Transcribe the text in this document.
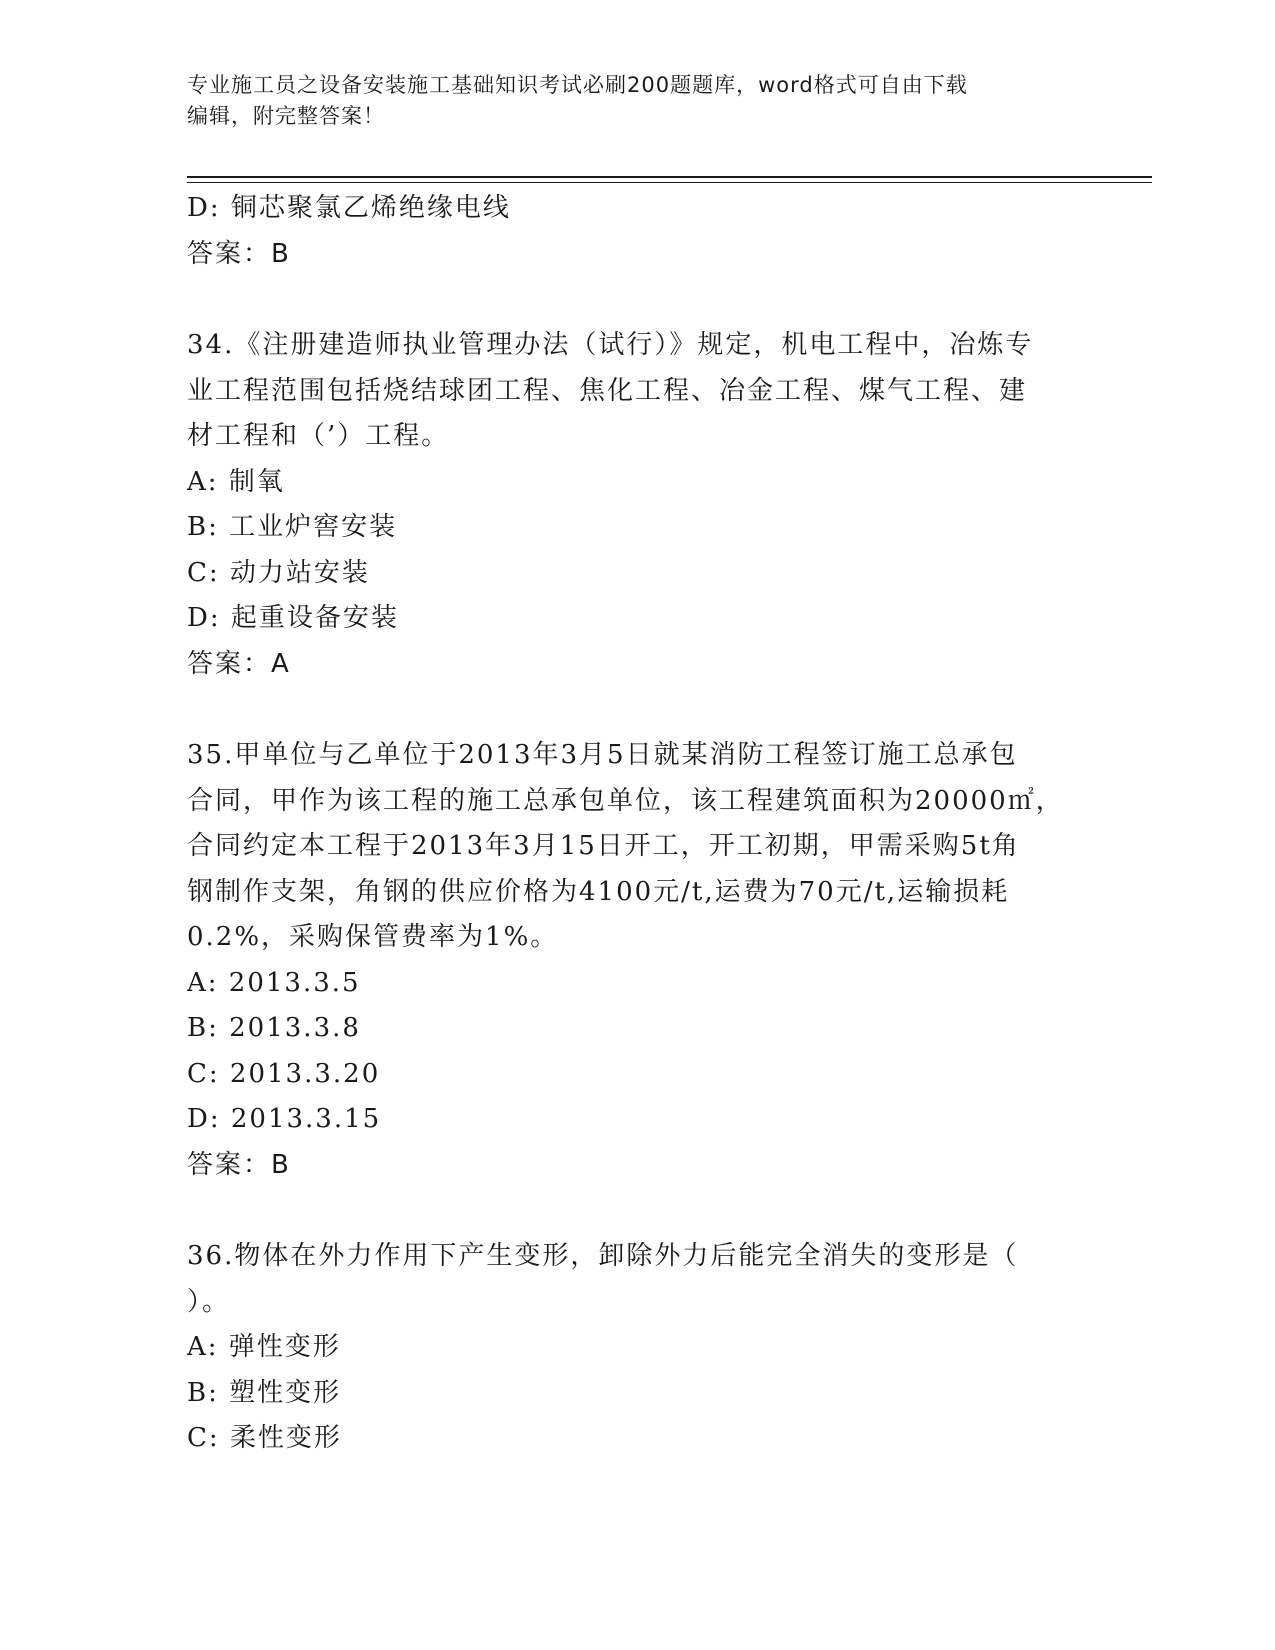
专业施工员之设备安装施工基础知识考试必刷200题题库，word格式可自由下载
编辑，附完整答案！
D: 铜芯聚氯乙烯绝缘电线
答案：B
34.《注册建造师执业管理办法（试行）》规定，机电工程中，冶炼专
业工程范围包括烧结球团工程、焦化工程、冶金工程、煤气工程、建
材工程和（’）工程。
A: 制氧
B: 工业炉窖安装
C: 动力站安装
D: 起重设备安装
答案：A
35.甲单位与乙单位于2013年3月5日就某消防工程签订施工总承包
合同，甲作为该工程的施工总承包单位，该工程建筑面积为20000㎡，
合同约定本工程于2013年3月15日开工，开工初期，甲需采购5t角
钢制作支架，角钢的供应价格为4100元/t,运费为70元/t,运输损耗
0.2%，采购保管费率为1%。
A: 2013.3.5
B: 2013.3.8
C: 2013.3.20
D: 2013.3.15
答案：B
36.物体在外力作用下产生变形，卸除外力后能完全消失的变形是（
）。
A: 弹性变形
B: 塑性变形
C: 柔性变形
